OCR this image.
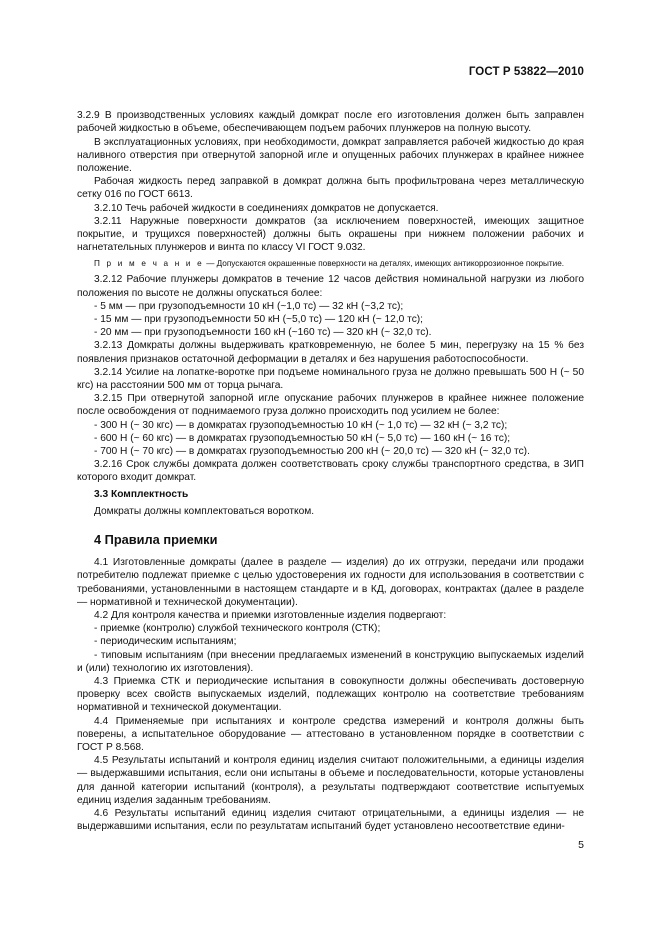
ГОСТ Р 53822—2010

3.2.9 В производственных условиях каждый домкрат после его изготовления должен быть заправлен рабочей жидкостью в объеме, обеспечивающем подъем рабочих плунжеров на полную высоту.

В эксплуатационных условиях, при необходимости, домкрат заправляется рабочей жидкостью до края наливного отверстия при отвернутой запорной игле и опущенных рабочих плунжерах в крайнее нижнее положение.

Рабочая жидкость перед заправкой в домкрат должна быть профильтрована через металлическую сетку 016 по ГОСТ 6613.

3.2.10 Течь рабочей жидкости в соединениях домкратов не допускается.

3.2.11 Наружные поверхности домкратов (за исключением поверхностей, имеющих защитное покрытие, и трущихся поверхностей) должны быть окрашены при нижнем положении рабочих и нагнетательных плунжеров и винта по классу VI ГОСТ 9.032.

П р и м е ч а н и е — Допускаются окрашенные поверхности на деталях, имеющих антикоррозионное покрытие.

3.2.12 Рабочие плунжеры домкратов в течение 12 часов действия номинальной нагрузки из любого положения по высоте не должны опускаться более:

- 5 мм — при грузоподъемности 10 кН (~1,0 тс) — 32 кН (~3,2 тс);

- 15 мм — при грузоподъемности 50 кН (~5,0 тс) — 120 кН (~ 12,0 тс);

- 20 мм — при грузоподъемности 160 кН (~160 тс) — 320 кН (~ 32,0 тс).

3.2.13 Домкраты должны выдерживать кратковременную, не более 5 мин, перегрузку на 15 % без появления признаков остаточной деформации в деталях и без нарушения работоспособности.

3.2.14 Усилие на лопатке-воротке при подъеме номинального груза не должно превышать 500 Н (~ 50 кгс) на расстоянии 500 мм от торца рычага.

3.2.15 При отвернутой запорной игле опускание рабочих плунжеров в крайнее нижнее положение после освобождения от поднимаемого груза должно происходить под усилием не более:

- 300 Н (~ 30 кгс) — в домкратах грузоподъемностью 10 кН (~ 1,0 тс) — 32 кН (~ 3,2 тс);

- 600 Н (~ 60 кгс) — в домкратах грузоподъемностью 50 кН (~ 5,0 тс) — 160 кН (~ 16 тс);

- 700 Н (~ 70 кгс) — в домкратах грузоподъемностью 200 кН (~ 20,0 тс) — 320 кН (~ 32,0 тс).

3.2.16 Срок службы домкрата должен соответствовать сроку службы транспортного средства, в ЗИП которого входит домкрат.

3.3 Комплектность

Домкраты должны комплектоваться воротком.

4 Правила приемки

4.1 Изготовленные домкраты (далее в разделе — изделия) до их отгрузки, передачи или продажи потребителю подлежат приемке с целью удостоверения их годности для использования в соответствии с требованиями, установленными в настоящем стандарте и в КД, договорах, контрактах (далее в разделе — нормативной и технической документации).

4.2 Для контроля качества и приемки изготовленные изделия подвергают:

- приемке (контролю) службой технического контроля (СТК);

- периодическим испытаниям;

- типовым испытаниям (при внесении предлагаемых изменений в конструкцию выпускаемых изделий и (или) технологию их изготовления).

4.3 Приемка СТК и периодические испытания в совокупности должны обеспечивать достоверную проверку всех свойств выпускаемых изделий, подлежащих контролю на соответствие требованиям нормативной и технической документации.

4.4 Применяемые при испытаниях и контроле средства измерений и контроля должны быть поверены, а испытательное оборудование — аттестовано в установленном порядке в соответствии с ГОСТ Р 8.568.

4.5 Результаты испытаний и контроля единиц изделия считают положительными, а единицы изделия — выдержавшими испытания, если они испытаны в объеме и последовательности, которые установлены для данной категории испытаний (контроля), а результаты подтверждают соответствие испытуемых единиц изделия заданным требованиям.

4.6 Результаты испытаний единиц изделия считают отрицательными, а единицы изделия — не выдержавшими испытания, если по результатам испытаний будет установлено несоответствие едини-

5
